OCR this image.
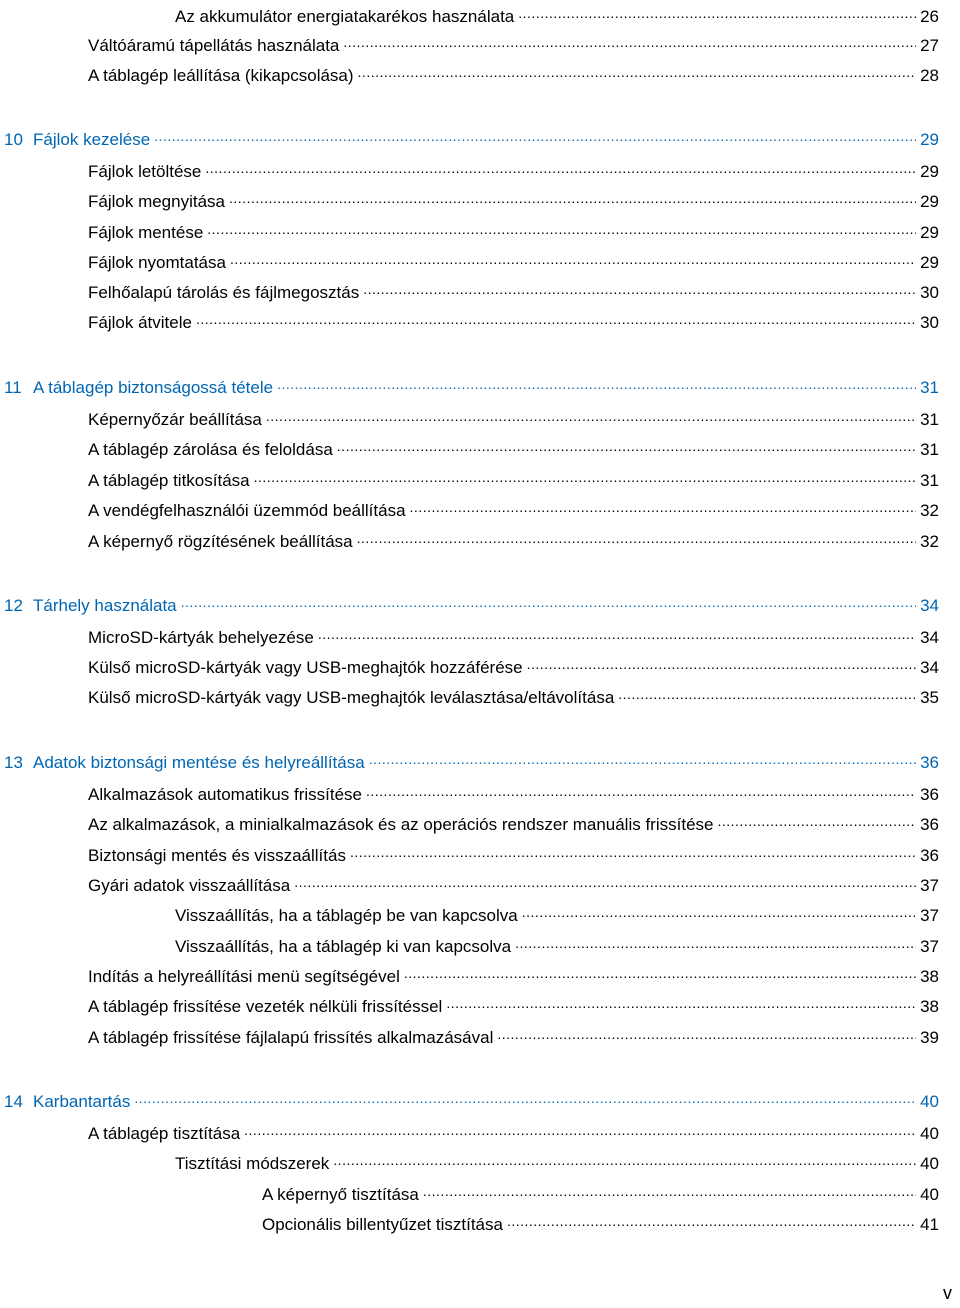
Az akkumulátor energiatakarékos használata .....	26
Váltóáramú tápellátás használata .....	27
A táblagép leállítása (kikapcsolása) .....	28
10 Fájlok kezelése .....	29
Fájlok letöltése .....	29
Fájlok megnyitása .....	29
Fájlok mentése .....	29
Fájlok nyomtatása .....	29
Felhőalapú tárolás és fájlmegosztás .....	30
Fájlok átvitele .....	30
11 A táblagép biztonságossá tétele .....	31
Képernyőzár beállítása .....	31
A táblagép zárolása és feloldása .....	31
A táblagép titkosítása .....	31
A vendégfelhasználói üzemmód beállítása .....	32
A képernyő rögzítésének beállítása .....	32
12 Tárhely használata .....	34
MicroSD-kártyák behelyezése .....	34
Külső microSD-kártyák vagy USB-meghajtók hozzáférése .....	34
Külső microSD-kártyák vagy USB-meghajtók leválasztása/eltávolítása .....	35
13 Adatok biztonsági mentése és helyreállítása .....	36
Alkalmazások automatikus frissítése .....	36
Az alkalmazások, a minialkalmazások és az operációs rendszer manuális frissítése .....	36
Biztonsági mentés és visszaállítás .....	36
Gyári adatok visszaállítása .....	37
Visszaállítás, ha a táblagép be van kapcsolva .....	37
Visszaállítás, ha a táblagép ki van kapcsolva .....	37
Indítás a helyreállítási menü segítségével .....	38
A táblagép frissítése vezeték nélküli frissítéssel .....	38
A táblagép frissítése fájlalapú frissítés alkalmazásával .....	39
14 Karbantartás .....	40
A táblagép tisztítása .....	40
Tisztítási módszerek .....	40
A képernyő tisztítása .....	40
Opcionális billentyűzet tisztítása .....	41
v
